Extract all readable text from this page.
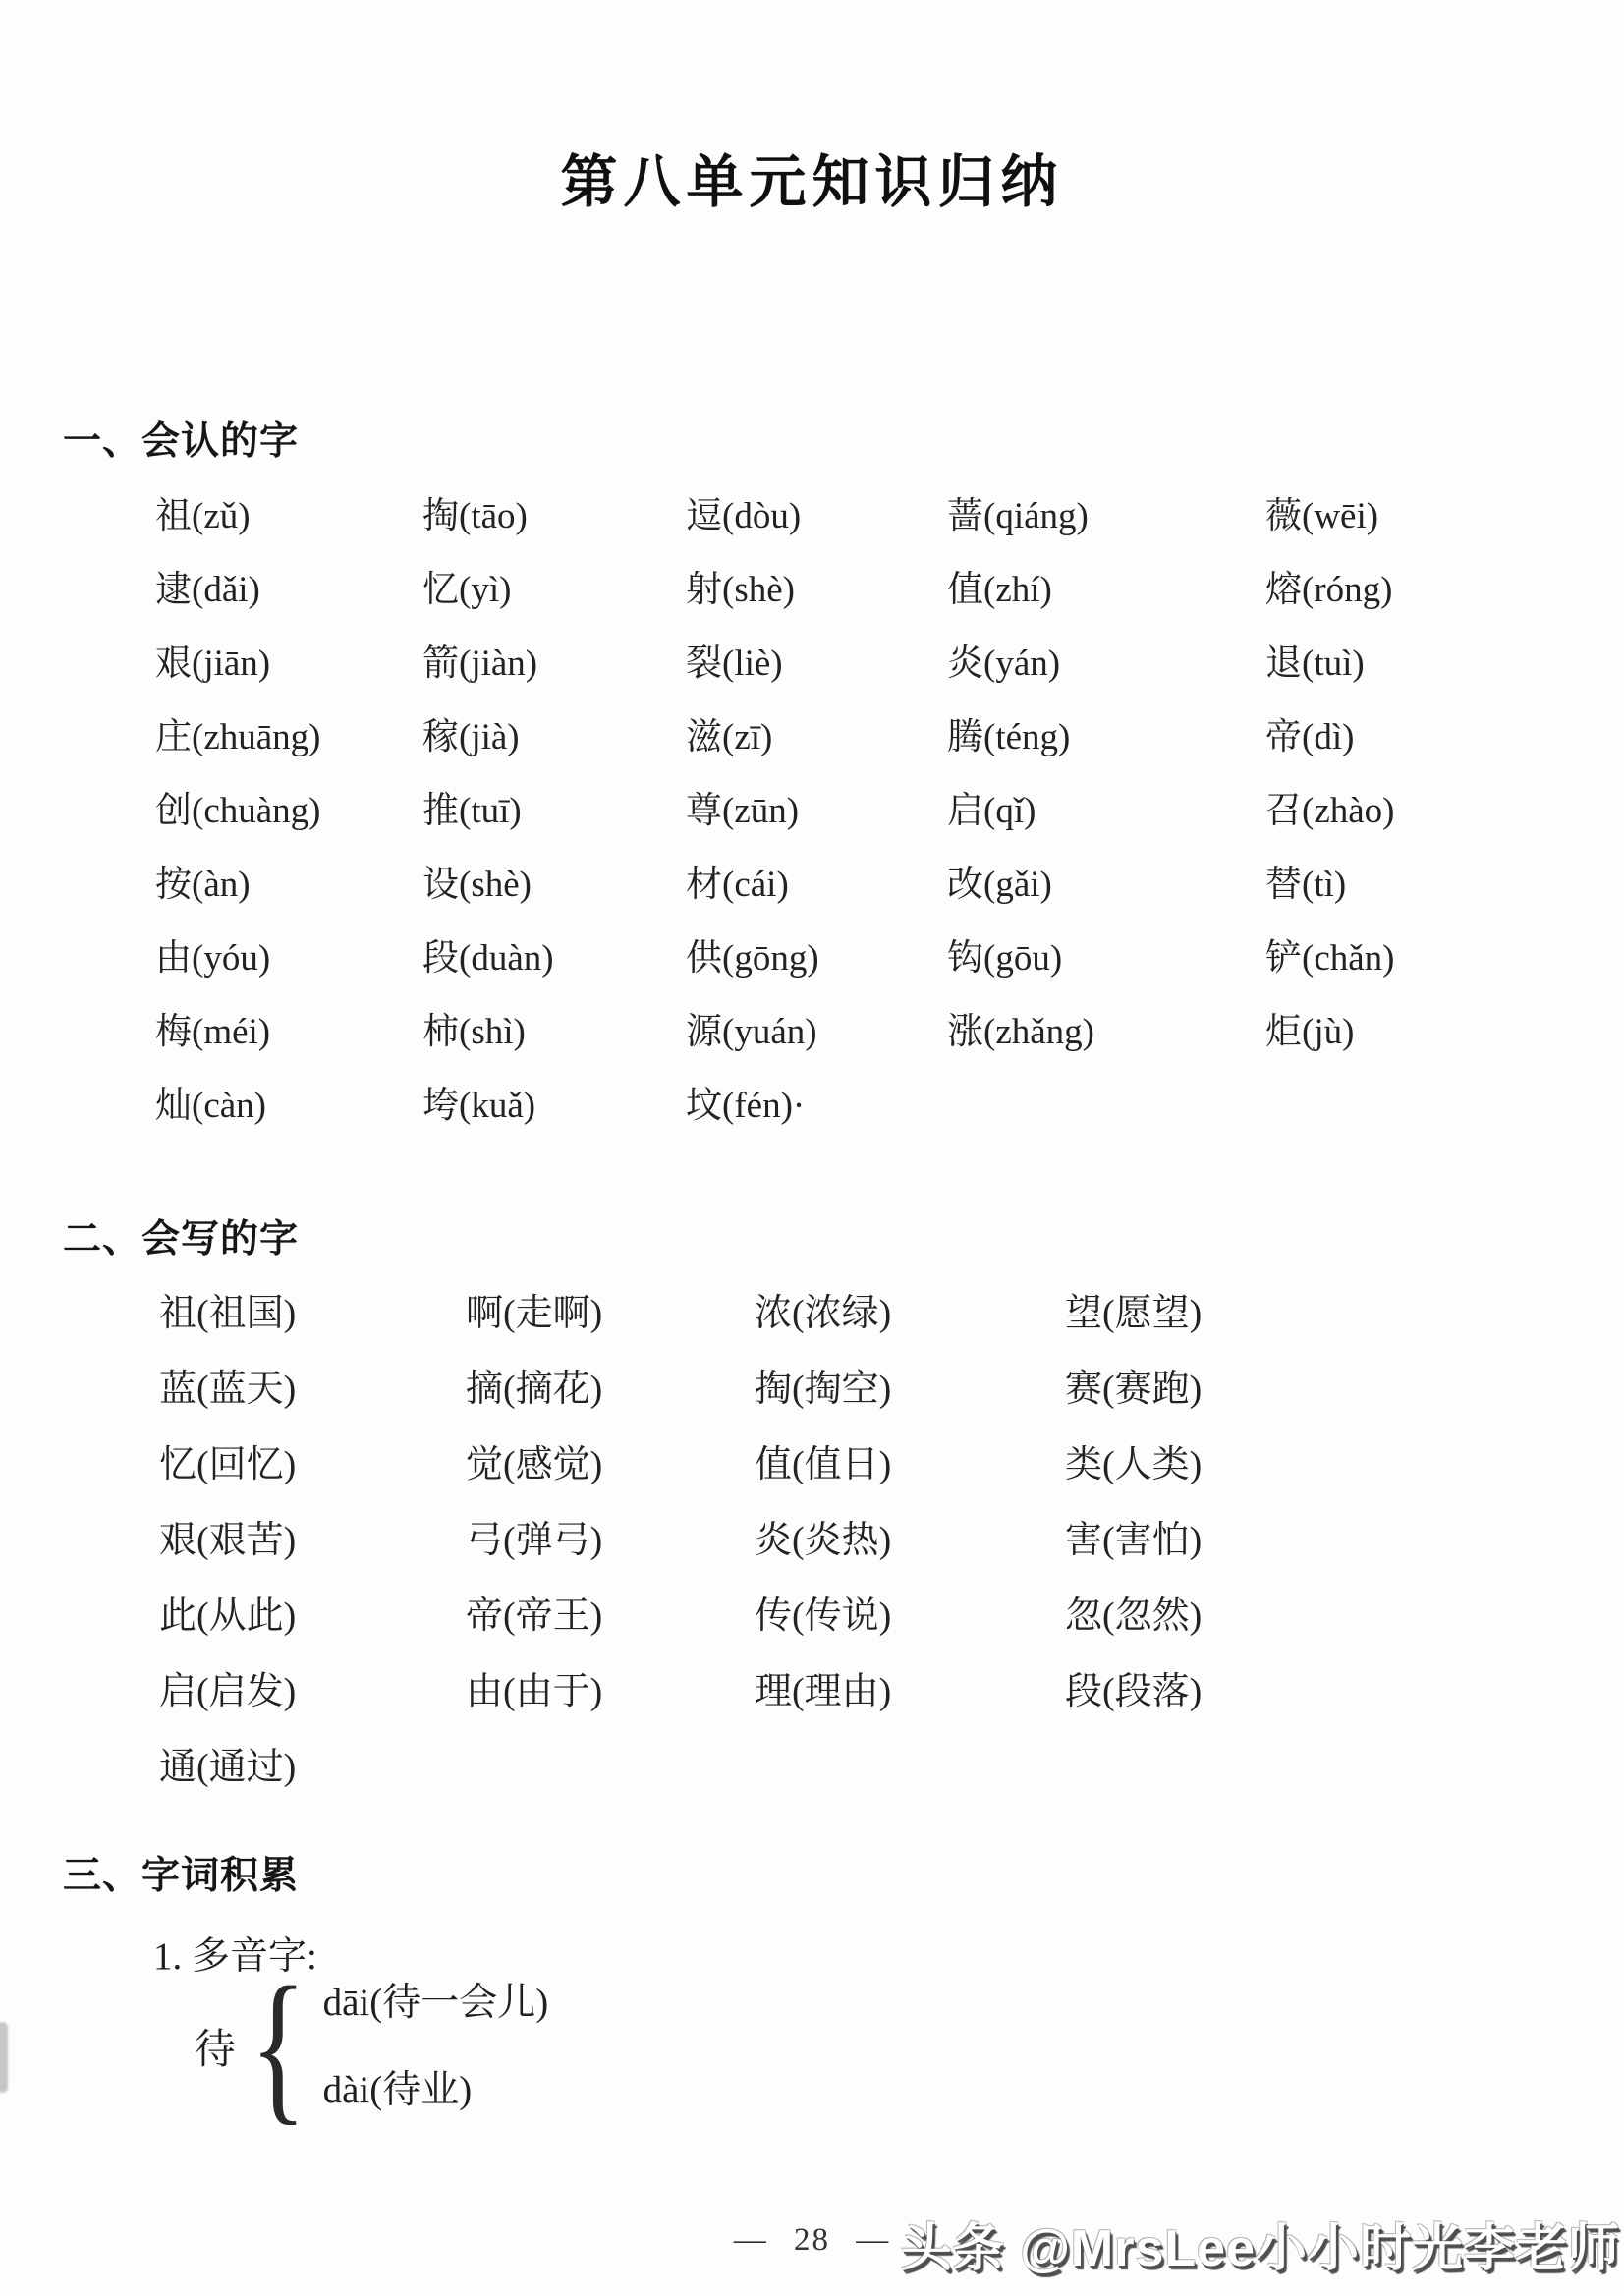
第八单元知识归纳
一、会认的字
祖(zǔ)	掏(tāo)	逗(dòu)	蔷(qiáng)	薇(wēi)
逮(dǎi)	忆(yì)	射(shè)	值(zhí)	熔(róng)
艰(jiān)	箭(jiàn)	裂(liè)	炎(yán)	退(tuì)
庄(zhuāng)	稼(jià)	滋(zī)	腾(téng)	帝(dì)
创(chuàng)	推(tuī)	尊(zūn)	启(qǐ)	召(zhào)
按(àn)	设(shè)	材(cái)	改(gǎi)	替(tì)
由(yóu)	段(duàn)	供(gōng)	钩(gōu)	铲(chǎn)
梅(méi)	柿(shì)	源(yuán)	涨(zhǎng)	炬(jù)
灿(càn)	垮(kuǎ)	坟(fén)·
二、会写的字
祖(祖国)	啊(走啊)	浓(浓绿)	望(愿望)
蓝(蓝天)	摘(摘花)	掏(掏空)	赛(赛跑)
忆(回忆)	觉(感觉)	值(值日)	类(人类)
艰(艰苦)	弓(弹弓)	炎(炎热)	害(害怕)
此(从此)	帝(帝王)	传(传说)	忽(忽然)
启(启发)	由(由于)	理(理由)	段(段落)
通(通过)
三、字词积累
1. 多音字:
待 { dāi(待一会儿)
dài(待业)
— 28 — 头条 @MrsLee小小时光李老师
